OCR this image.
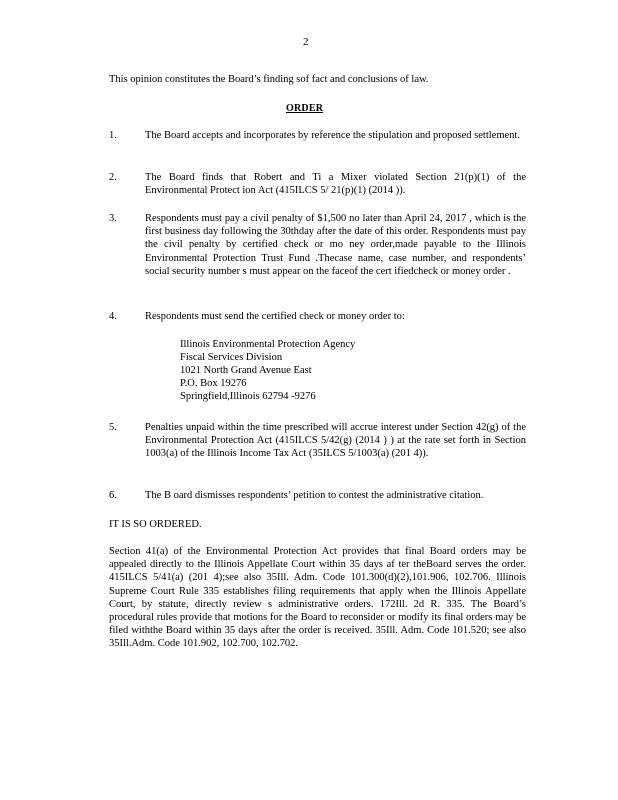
2
This opinion constitutes the Board’s finding sof fact and conclusions of law.
ORDER
1.	The Board accepts and incorporates by reference the stipulation and proposed settlement.
2.	The Board finds that Robert and Ti a Mixer violated Section 21(p)(1) of the Environmental Protect ion Act (415ILCS 5/ 21(p)(1) (2014 )).
3.	Respondents must pay a civil penalty of $1,500 no later than April 24, 2017 , which is the first business day following the 30thday after the date of this order. Respondents must pay the civil penalty by certified check or mo ney order,made payable to the Illinois Environmental Protection Trust Fund .Thecase name, case number, and respondents’ social security number s must appear on the faceof the cert ifiedcheck or money order .
4.	Respondents must send the certified check or money order to:
Illinois Environmental Protection Agency
Fiscal Services Division
1021 North Grand Avenue East
P.O. Box 19276
Springfield,Illinois 62794 -9276
5.	Penalties unpaid within the time prescribed will accrue interest under Section 42(g) of the Environmental Protection Act (415ILCS 5/42(g) (2014 ) ) at the rate set forth in Section 1003(a) of the Illinois Income Tax Act (35ILCS 5/1003(a) (201 4)).
6.	The B oard dismisses respondents’ petition to contest the administrative citation.
IT IS SO ORDERED.
Section 41(a) of the Environmental Protection Act provides that final Board orders may be appealed directly to the Illinois Appellate Court within 35 days af ter theBoard serves the order. 415ILCS 5/41(a) (201 4);see also 35Ill. Adm. Code 101.300(d)(2),101.906, 102.706. Illinois Supreme Court Rule 335 establishes filing requirements that apply when the Illinois Appellate Court, by statute, directly review s administrative orders. 172Ill. 2d R. 335. The Board’s procedural rules provide that motions for the Board to reconsider or modify its final orders may be filed withthe Board within 35 days after the order is received. 35Ill. Adm. Code 101.520; see also 35Ill.Adm. Code 101.902, 102.700, 102.702.
